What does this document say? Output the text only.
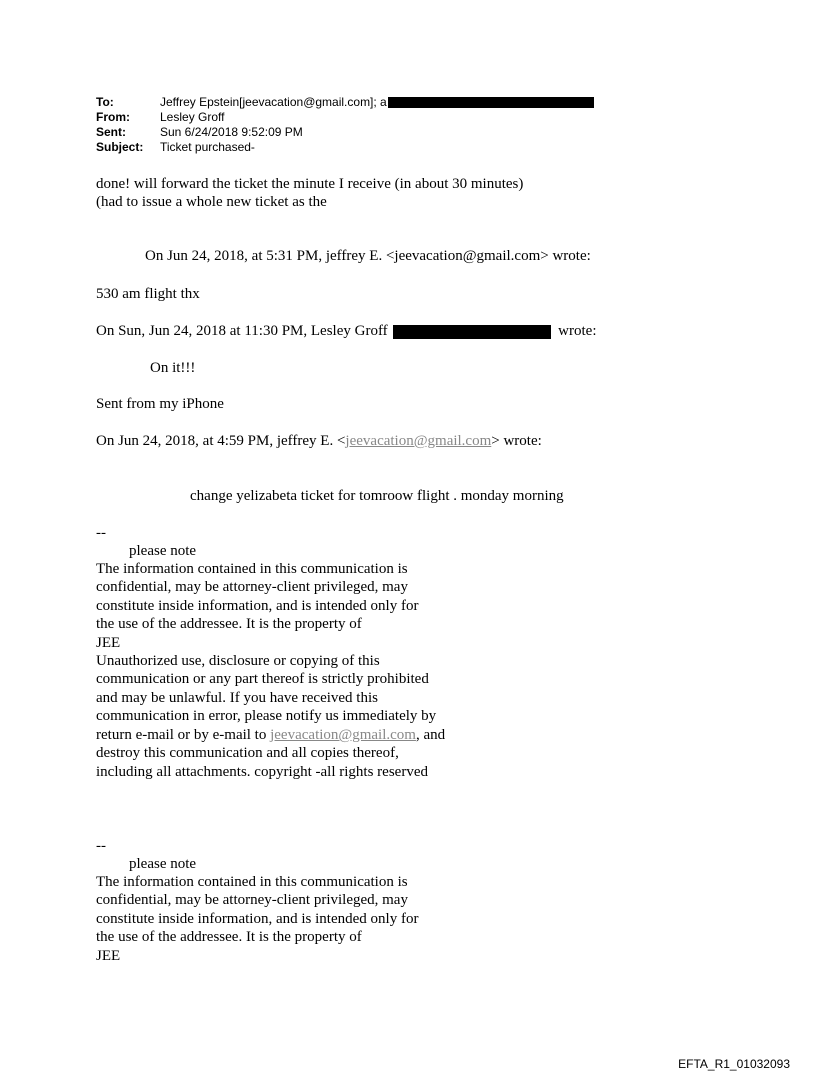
To:	Jeffrey Epstein[jeevacation@gmail.com]; a
From:	Lesley Groff
Sent:	Sun 6/24/2018 9:52:09 PM
Subject:	Ticket purchased-
done! will forward the ticket the minute I receive (in about 30 minutes)
(had to issue a whole new ticket as the
On Jun 24, 2018, at 5:31 PM, jeffrey E. <jeevacation@gmail.com> wrote:
530 am flight thx
On Sun, Jun 24, 2018 at 11:30 PM, Lesley Groff	wrote:
On it!!!
Sent from my iPhone
On Jun 24, 2018, at 4:59 PM, jeffrey E. <jeevacation@gmail.com> wrote:
change yelizabeta ticket for tomroow flight . monday morning
--
please note
The information contained in this communication is
confidential, may be attorney-client privileged, may
constitute inside information, and is intended only for
the use of the addressee. It is the property of
JEE
Unauthorized use, disclosure or copying of this
communication or any part thereof is strictly prohibited
and may be unlawful. If you have received this
communication in error, please notify us immediately by
return e-mail or by e-mail to jeevacation@gmail.com, and
destroy this communication and all copies thereof,
including all attachments. copyright -all rights reserved
--
please note
The information contained in this communication is
confidential, may be attorney-client privileged, may
constitute inside information, and is intended only for
the use of the addressee. It is the property of
JEE
EFTA_R1_01032093
